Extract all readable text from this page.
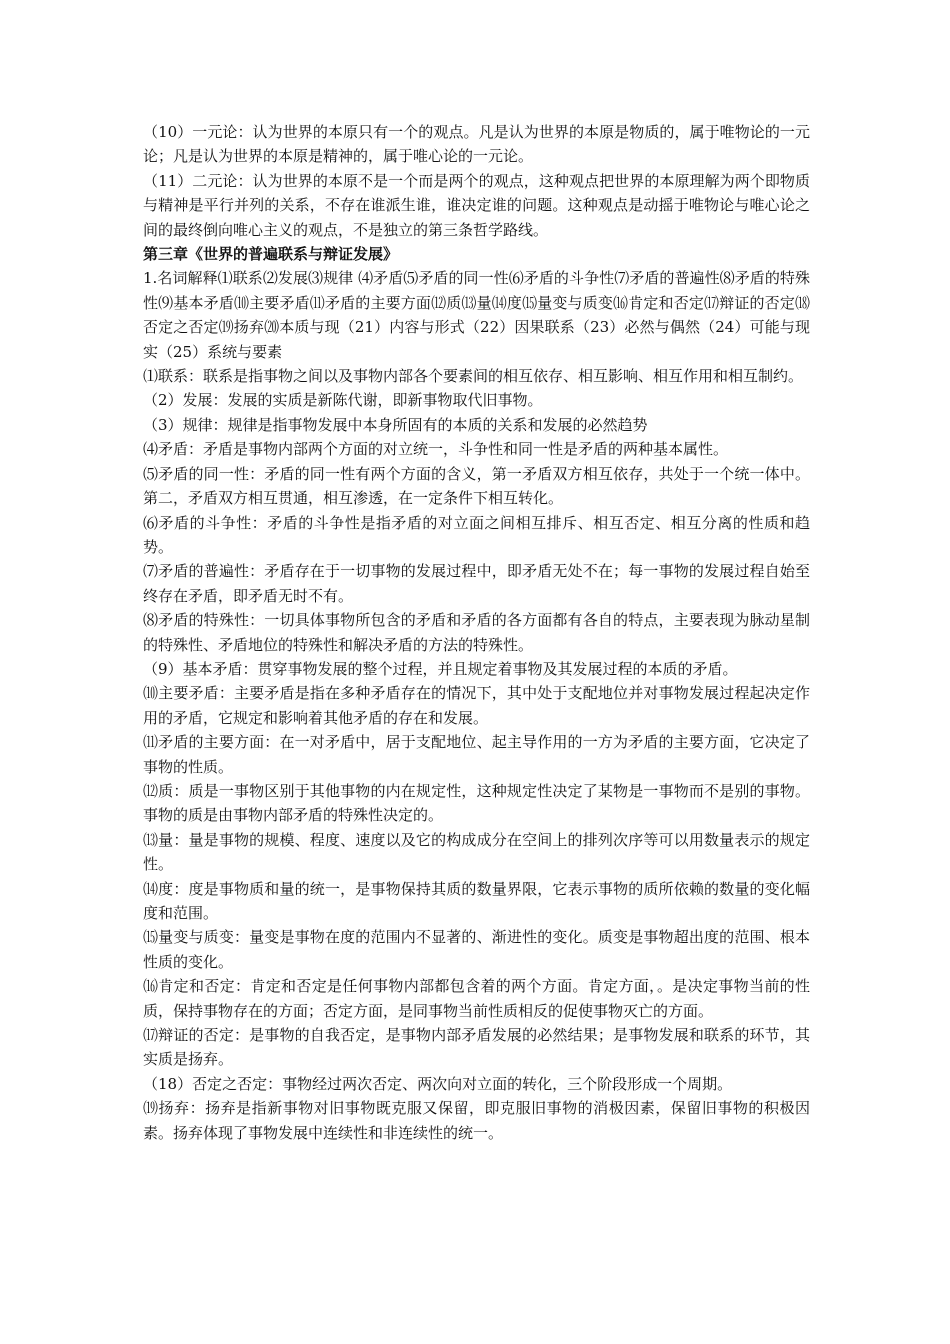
（10）一元论：认为世界的本原只有一个的观点。凡是认为世界的本原是物质的，属于唯物论的一元论；凡是认为世界的本原是精神的，属于唯心论的一元论。

（11）二元论：认为世界的本原不是一个而是两个的观点，这种观点把世界的本原理解为两个即物质与精神是平行并列的关系，不存在谁派生谁，谁决定谁的问题。这种观点是动摇于唯物论与唯心论之间的最终倒向唯心主义的观点，不是独立的第三条哲学路线。

第三章《世界的普遍联系与辩证发展》

1.名词解释⑴联系⑵发展⑶规律 ⑷矛盾⑸矛盾的同一性⑹矛盾的斗争性⑺矛盾的普遍性⑻矛盾的特殊性⑼基本矛盾⑽主要矛盾⑾矛盾的主要方面⑿质⒀量⒁度⒂量变与质变⒃肯定和否定⒄辩证的否定⒅否定之否定⒆扬弃⒇本质与现（21）内容与形式（22）因果联系（23）必然与偶然（24）可能与现实（25）系统与要素

⑴联系：联系是指事物之间以及事物内部各个要素间的相互依存、相互影响、相互作用和相互制约。

（2）发展：发展的实质是新陈代谢，即新事物取代旧事物。

（3）规律：规律是指事物发展中本身所固有的本质的关系和发展的必然趋势

⑷矛盾：矛盾是事物内部两个方面的对立统一，斗争性和同一性是矛盾的两种基本属性。

⑸矛盾的同一性：矛盾的同一性有两个方面的含义，第一矛盾双方相互依存，共处于一个统一体中。第二，矛盾双方相互贯通，相互渗透，在一定条件下相互转化。

⑹矛盾的斗争性：矛盾的斗争性是指矛盾的对立面之间相互排斥、相互否定、相互分离的性质和趋势。

⑺矛盾的普遍性：矛盾存在于一切事物的发展过程中，即矛盾无处不在；每一事物的发展过程自始至终存在矛盾，即矛盾无时不有。

⑻矛盾的特殊性：一切具体事物所包含的矛盾和矛盾的各方面都有各自的特点，主要表现为脉动星制的特殊性、矛盾地位的特殊性和解决矛盾的方法的特殊性。

（9）基本矛盾：贯穿事物发展的整个过程，并且规定着事物及其发展过程的本质的矛盾。

⑽主要矛盾：主要矛盾是指在多种矛盾存在的情况下，其中处于支配地位并对事物发展过程起决定作用的矛盾，它规定和影响着其他矛盾的存在和发展。

⑾矛盾的主要方面：在一对矛盾中，居于支配地位、起主导作用的一方为矛盾的主要方面，它决定了事物的性质。

⑿质：质是一事物区别于其他事物的内在规定性，这种规定性决定了某物是一事物而不是别的事物。事物的质是由事物内部矛盾的特殊性决定的。

⒀量：量是事物的规模、程度、速度以及它的构成成分在空间上的排列次序等可以用数量表示的规定性。

⒁度：度是事物质和量的统一，是事物保持其质的数量界限，它表示事物的质所依赖的数量的变化幅度和范围。

⒂量变与质变：量变是事物在度的范围内不显著的、渐进性的变化。质变是事物超出度的范围、根本性质的变化。

⒃肯定和否定：肯定和否定是任何事物内部都包含着的两个方面。肯定方面，。是决定事物当前的性质，保持事物存在的方面；否定方面，是同事物当前性质相反的促使事物灭亡的方面。

⒄辩证的否定：是事物的自我否定，是事物内部矛盾发展的必然结果；是事物发展和联系的环节，其实质是扬弃。

（18）否定之否定：事物经过两次否定、两次向对立面的转化，三个阶段形成一个周期。

⒆扬弃：扬弃是指新事物对旧事物既克服又保留，即克服旧事物的消极因素，保留旧事物的积极因素。扬弃体现了事物发展中连续性和非连续性的统一。
